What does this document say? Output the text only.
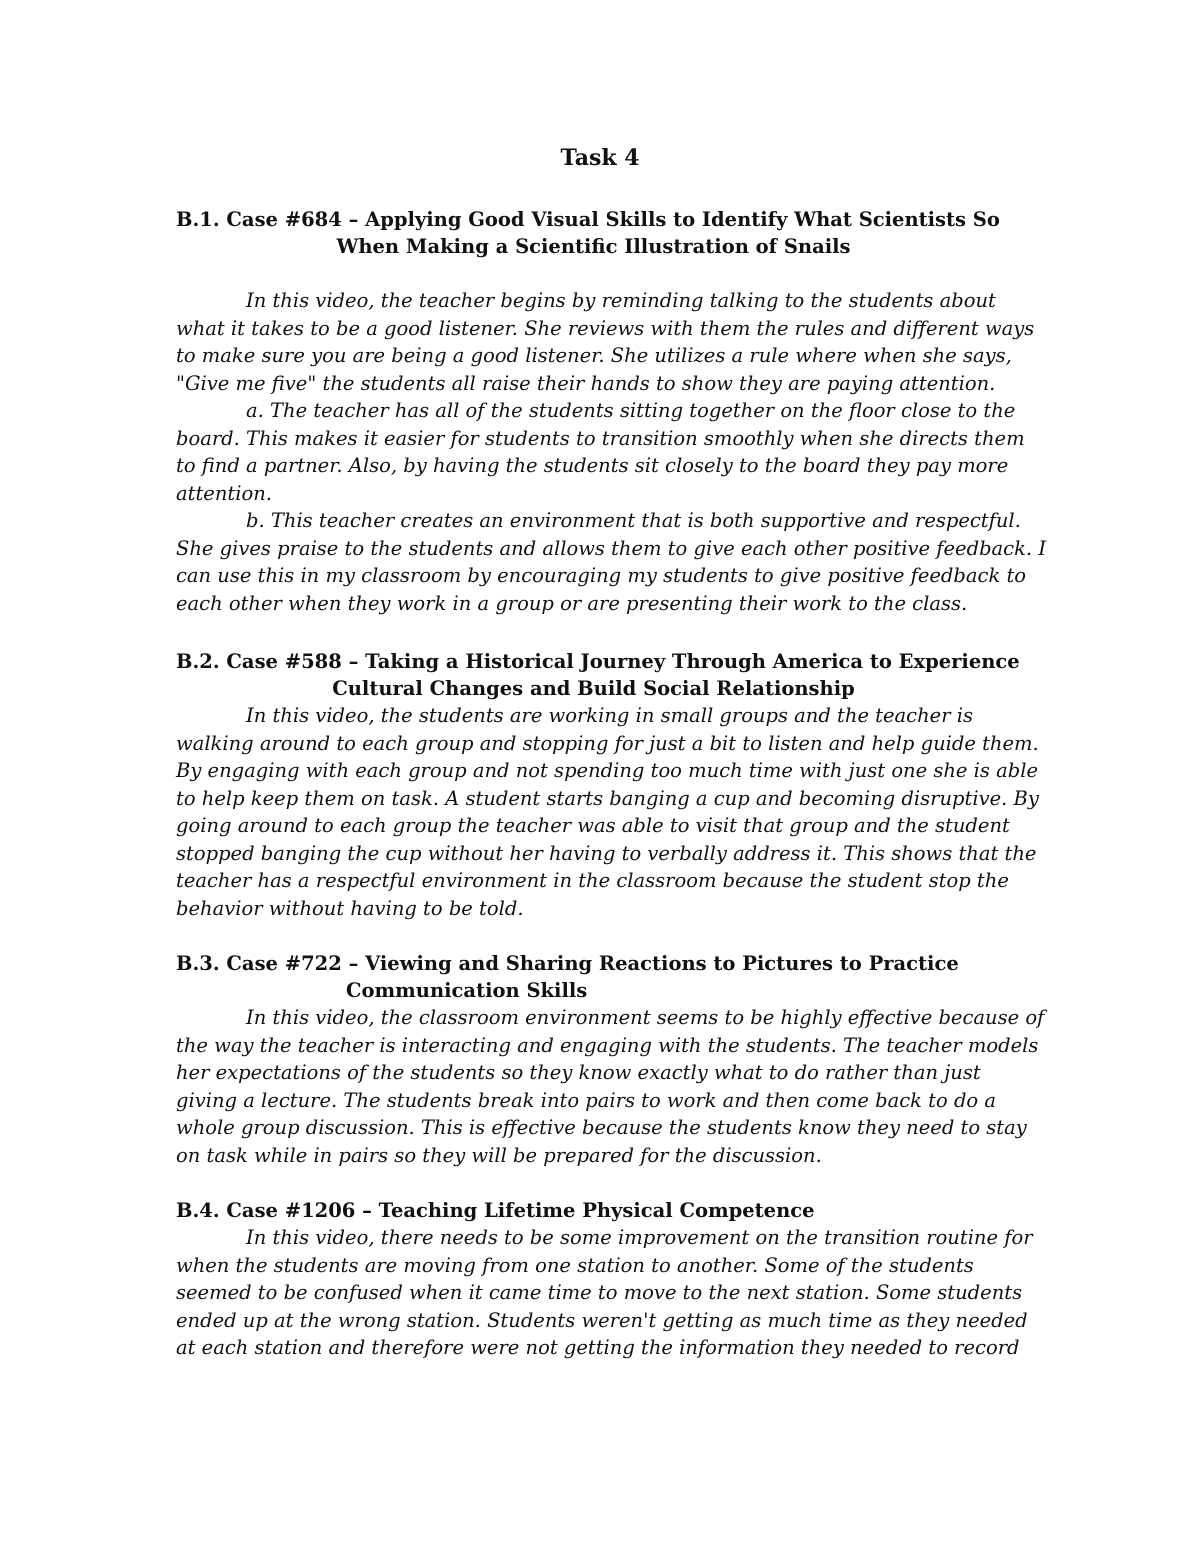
Task 4

B.1. Case #684 – Applying Good Visual Skills to Identify What Scientists So
When Making a Scientific Illustration of Snails

In this video, the teacher begins by reminding talking to the students about
what it takes to be a good listener. She reviews with them the rules and different ways
to make sure you are being a good listener. She utilizes a rule where when she says,
"Give me five" the students all raise their hands to show they are paying attention.

a. The teacher has all of the students sitting together on the floor close to the
board. This makes it easier for students to transition smoothly when she directs them
to find a partner. Also, by having the students sit closely to the board they pay more
attention.

b. This teacher creates an environment that is both supportive and respectful.
She gives praise to the students and allows them to give each other positive feedback. I
can use this in my classroom by encouraging my students to give positive feedback to
each other when they work in a group or are presenting their work to the class.

B.2. Case #588 – Taking a Historical Journey Through America to Experience
Cultural Changes and Build Social Relationship

In this video, the students are working in small groups and the teacher is
walking around to each group and stopping for just a bit to listen and help guide them.
By engaging with each group and not spending too much time with just one she is able
to help keep them on task. A student starts banging a cup and becoming disruptive. By
going around to each group the teacher was able to visit that group and the student
stopped banging the cup without her having to verbally address it. This shows that the
teacher has a respectful environment in the classroom because the student stop the
behavior without having to be told.

B.3. Case #722 – Viewing and Sharing Reactions to Pictures to Practice
Communication Skills

In this video, the classroom environment seems to be highly effective because of
the way the teacher is interacting and engaging with the students. The teacher models
her expectations of the students so they know exactly what to do rather than just
giving a lecture. The students break into pairs to work and then come back to do a
whole group discussion. This is effective because the students know they need to stay
on task while in pairs so they will be prepared for the discussion.

B.4. Case #1206 – Teaching Lifetime Physical Competence

In this video, there needs to be some improvement on the transition routine for
when the students are moving from one station to another. Some of the students
seemed to be confused when it came time to move to the next station. Some students
ended up at the wrong station. Students weren't getting as much time as they needed
at each station and therefore were not getting the information they needed to record
